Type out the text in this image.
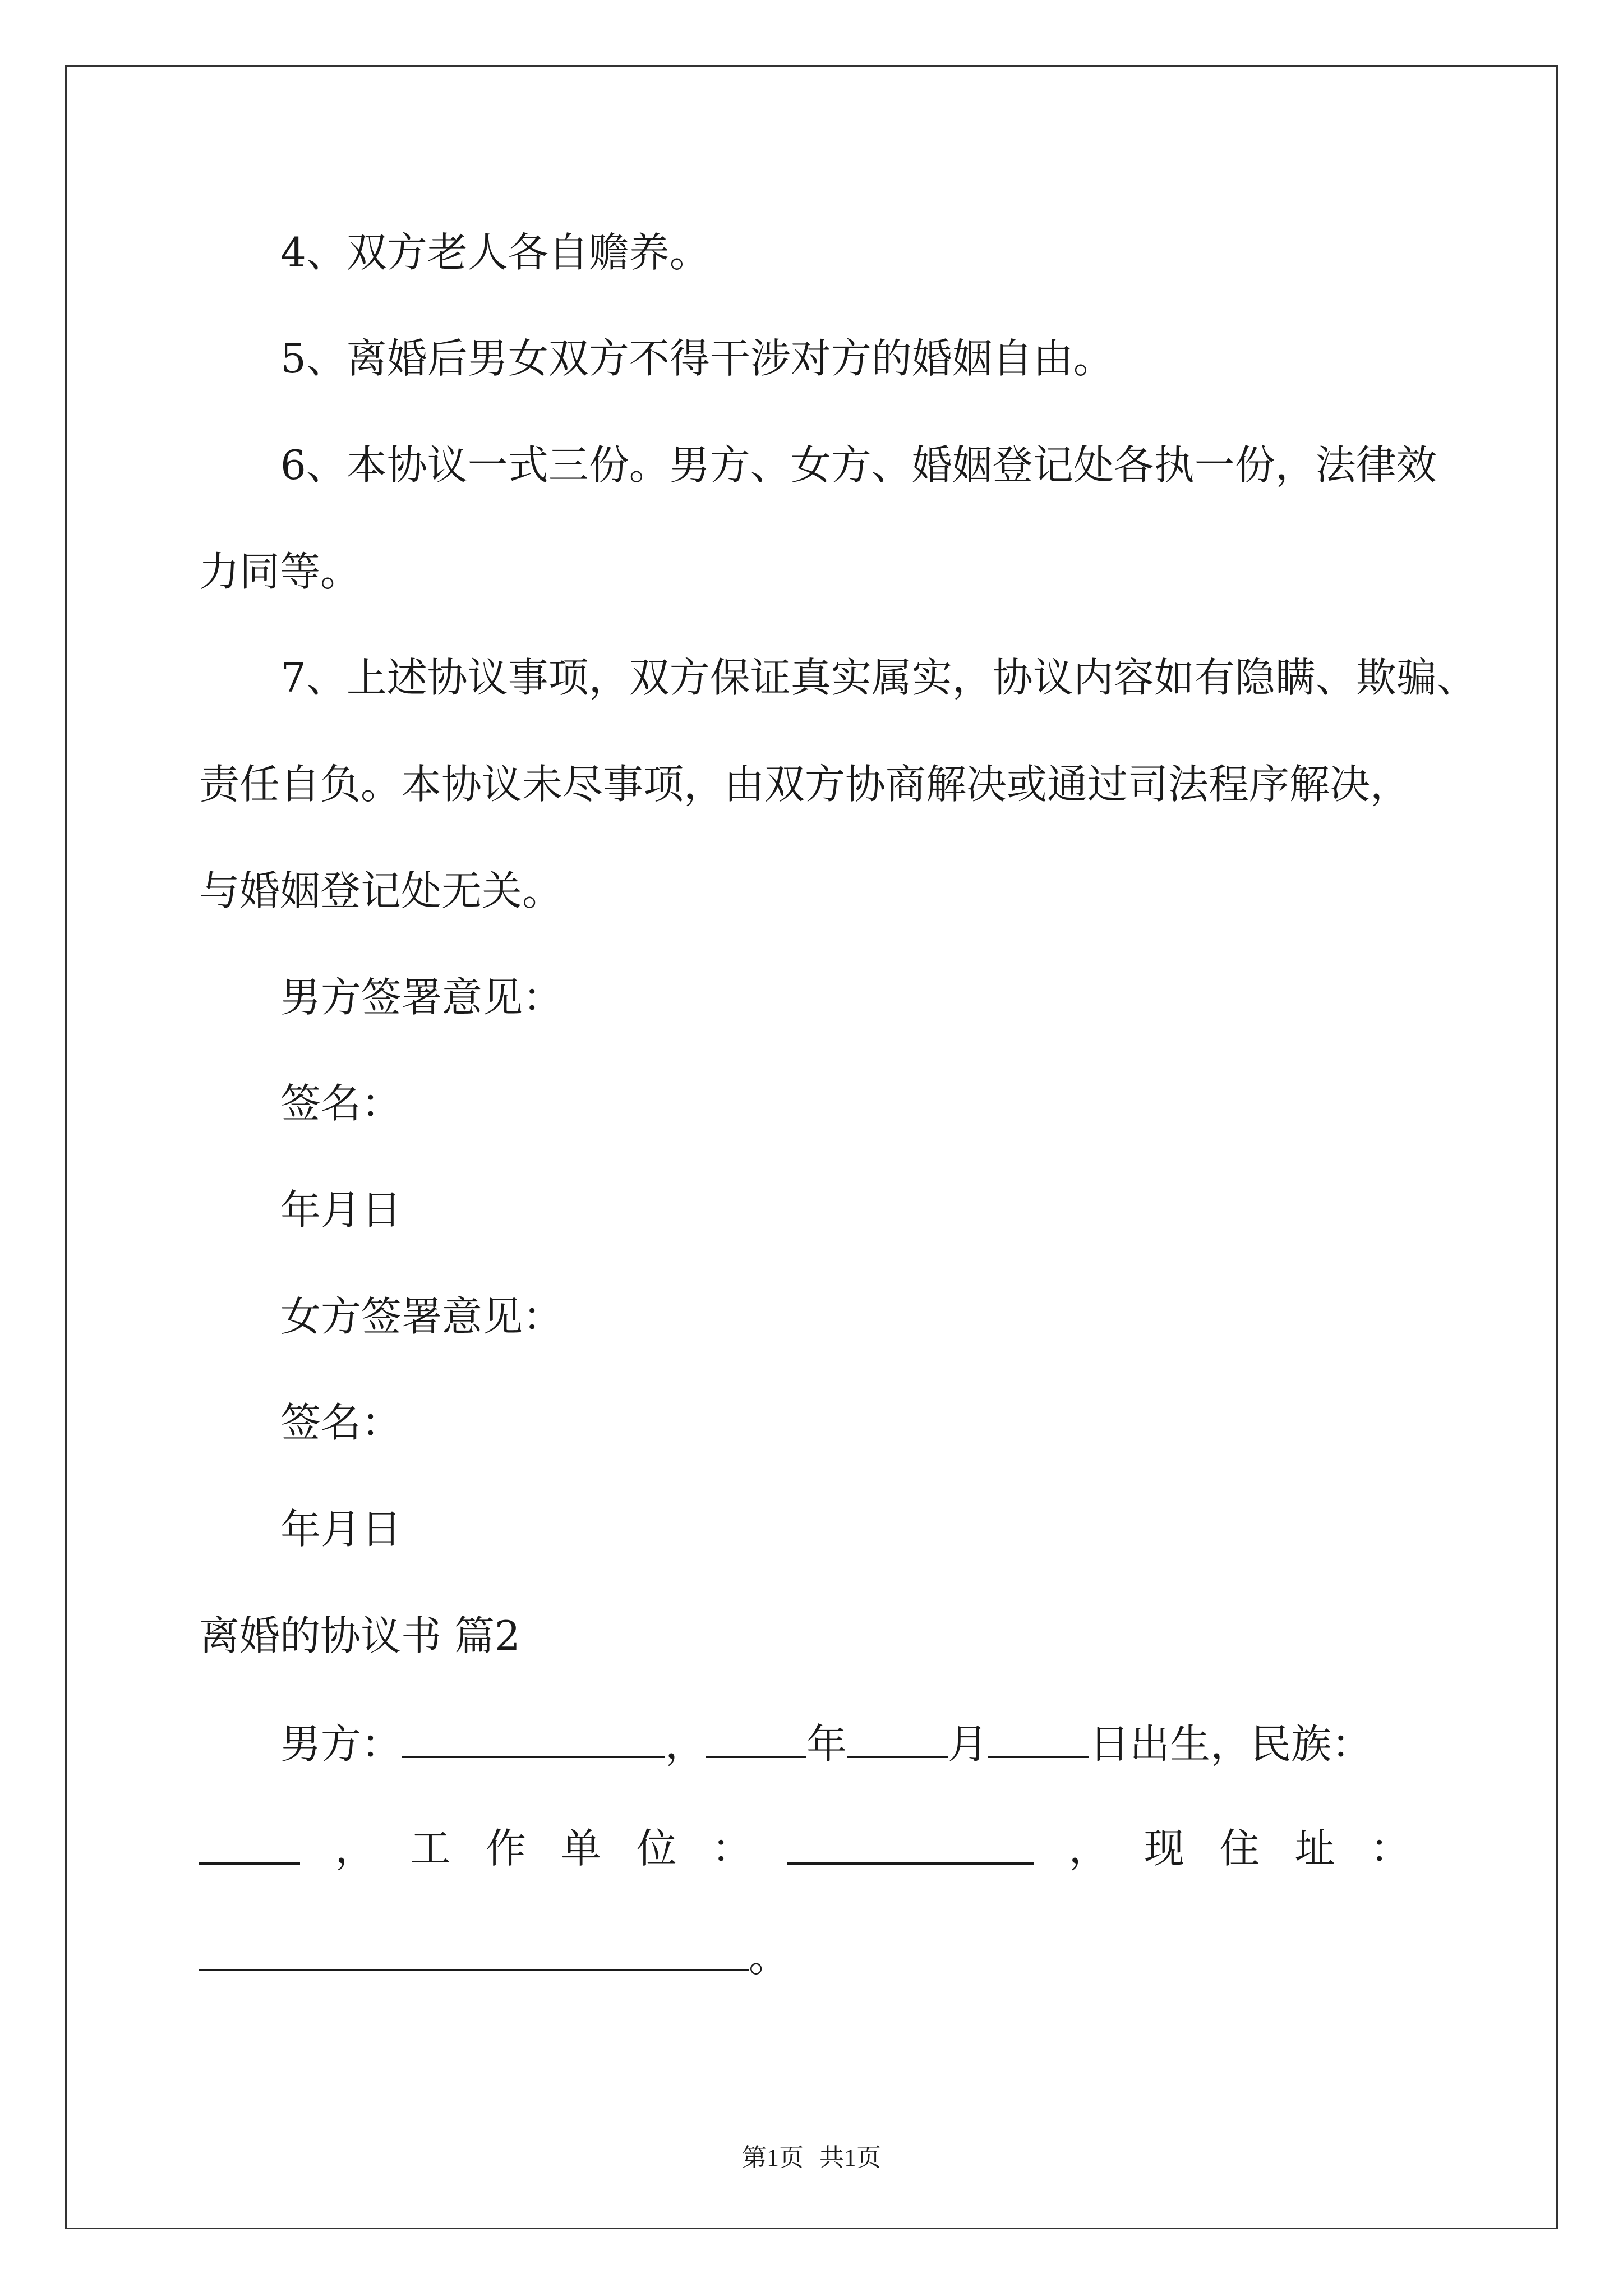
4、双方老人各自赡养。
5、离婚后男女双方不得干涉对方的婚姻自由。
6、本协议一式三份。男方、女方、婚姻登记处各执一份，法律效
力同等。
7、上述协议事项，双方保证真实属实，协议内容如有隐瞒、欺骗、
责任自负。本协议未尽事项，由双方协商解决或通过司法程序解决，
与婚姻登记处无关。
男方签署意见：
签名：
年月日
女方签署意见：
签名：
年月日
离婚的协议书 篇2
男方：	，	年	月	日出生，民族：
， 工 作 单 位 ：	， 现 住 址 ：
。
第1页 共1页
